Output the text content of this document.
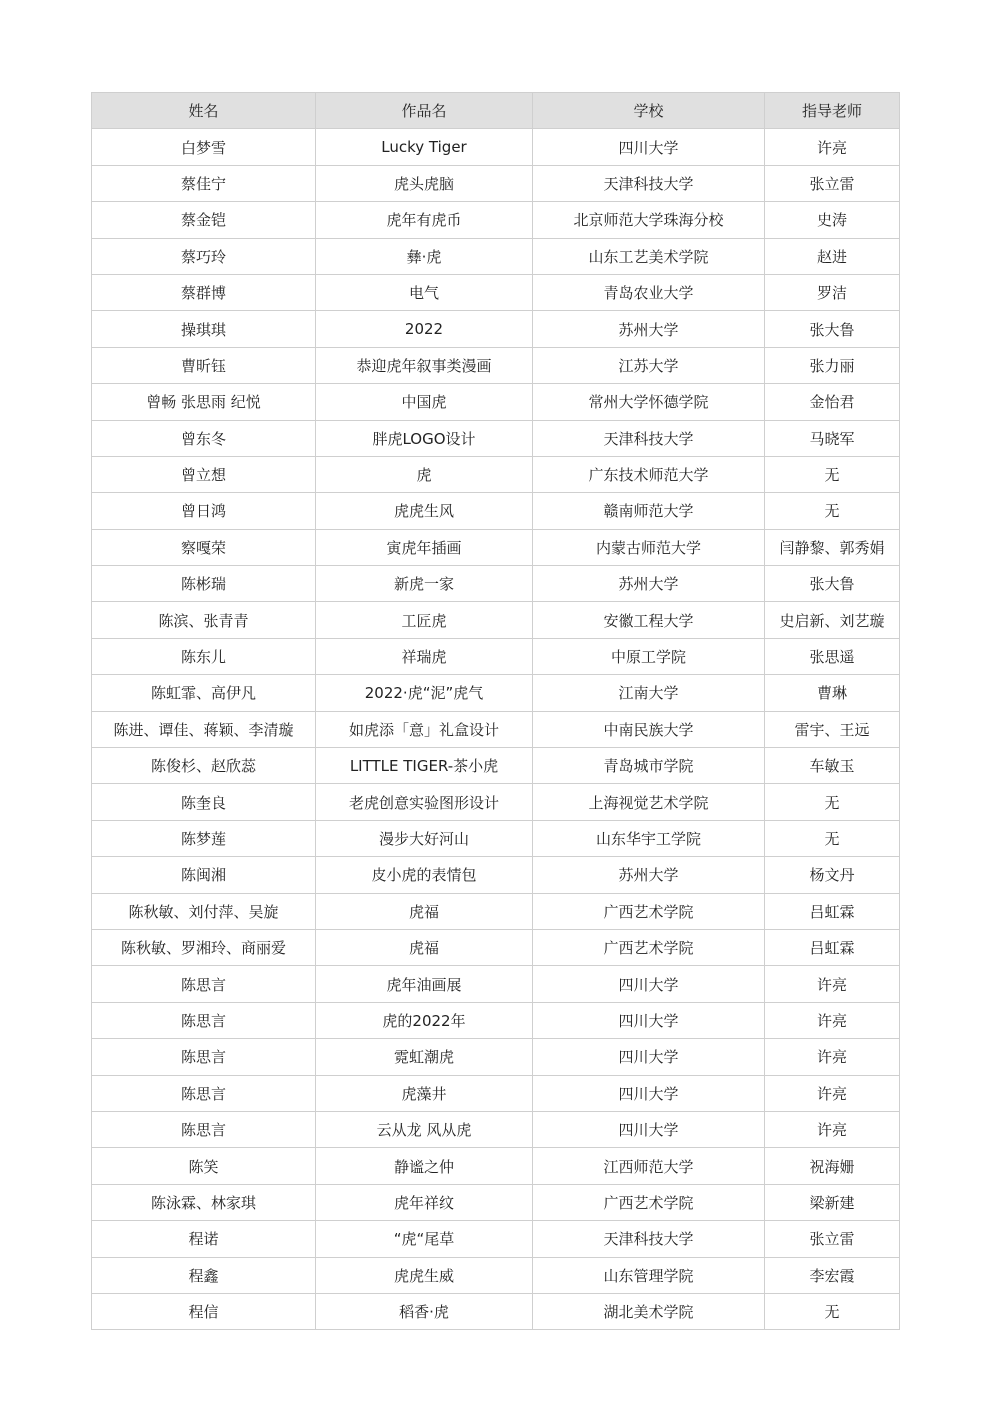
姓名	作品名	学校	指导老师
白梦雪	Lucky Tiger	四川大学	许亮
蔡佳宁	虎头虎脑	天津科技大学	张立雷
蔡金铠	虎年有虎币	北京师范大学珠海分校	史涛
蔡巧玲	彝·虎	山东工艺美术学院	赵进
蔡群博	电气	青岛农业大学	罗洁
操琪琪	2022	苏州大学	张大鲁
曹昕钰	恭迎虎年叙事类漫画	江苏大学	张力丽
曾畅 张思雨 纪悦	中国虎	常州大学怀德学院	金怡君
曾东冬	胖虎LOGO设计	天津科技大学	马晓军
曾立想	虎	广东技术师范大学	无
曾日鸿	虎虎生风	赣南师范大学	无
察嘎荣	寅虎年插画	内蒙古师范大学	闫静黎、郭秀娟
陈彬瑞	新虎一家	苏州大学	张大鲁
陈滨、张青青	工匠虎	安徽工程大学	史启新、刘艺璇
陈东儿	祥瑞虎	中原工学院	张思遥
陈虹霏、高伊凡	2022·虎“泥”虎气	江南大学	曹琳
陈进、谭佳、蒋颖、李清璇	如虎添「意」礼盒设计	中南民族大学	雷宇、王远
陈俊杉、赵欣蕊	LITTLE TIGER-茶小虎	青岛城市学院	车敏玉
陈奎良	老虎创意实验图形设计	上海视觉艺术学院	无
陈梦莲	漫步大好河山	山东华宇工学院	无
陈闽湘	皮小虎的表情包	苏州大学	杨文丹
陈秋敏、刘付萍、吴旋	虎福	广西艺术学院	吕虹霖
陈秋敏、罗湘玲、商丽爱	虎福	广西艺术学院	吕虹霖
陈思言	虎年油画展	四川大学	许亮
陈思言	虎的2022年	四川大学	许亮
陈思言	霓虹潮虎	四川大学	许亮
陈思言	虎藻井	四川大学	许亮
陈思言	云从龙 风从虎	四川大学	许亮
陈笑	静谧之仲	江西师范大学	祝海姗
陈泳霖、林家琪	虎年祥纹	广西艺术学院	梁新建
程诺	“虎“尾草	天津科技大学	张立雷
程鑫	虎虎生威	山东管理学院	李宏霞
程信	稻香·虎	湖北美术学院	无
